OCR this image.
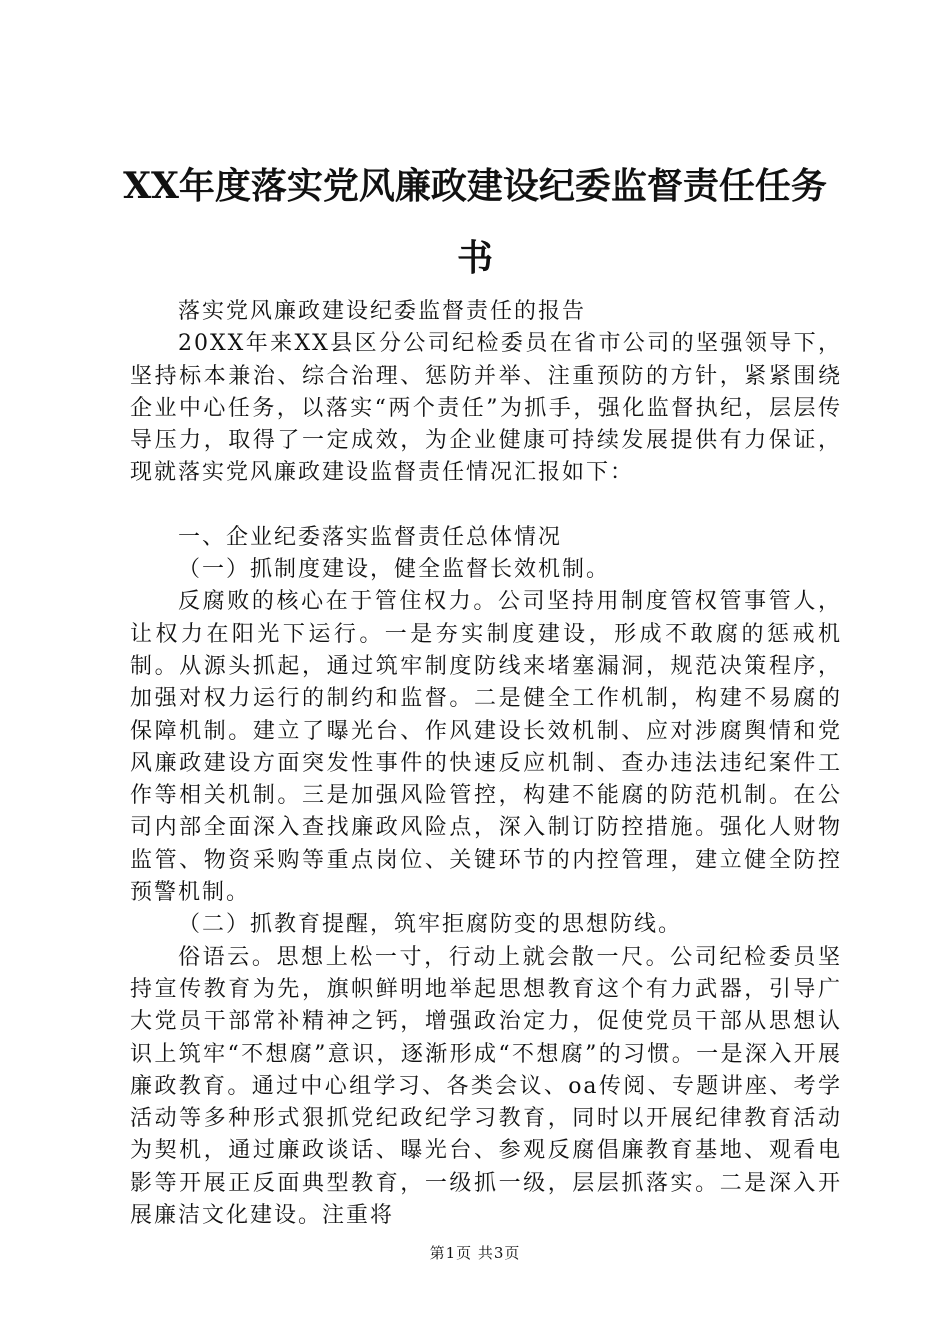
XX年度落实党风廉政建设纪委监督责任任务书

落实党风廉政建设纪委监督责任的报告

20XX年来XX县区分公司纪检委员在省市公司的坚强领导下，坚持标本兼治、综合治理、惩防并举、注重预防的方针，紧紧围绕企业中心任务，以落实“两个责任”为抓手，强化监督执纪，层层传导压力，取得了一定成效，为企业健康可持续发展提供有力保证，现就落实党风廉政建设监督责任情况汇报如下：

一、企业纪委落实监督责任总体情况

（一）抓制度建设，健全监督长效机制。

反腐败的核心在于管住权力。公司坚持用制度管权管事管人，让权力在阳光下运行。一是夯实制度建设，形成不敢腐的惩戒机制。从源头抓起，通过筑牢制度防线来堵塞漏洞，规范决策程序，加强对权力运行的制约和监督。二是健全工作机制，构建不易腐的保障机制。建立了曝光台、作风建设长效机制、应对涉腐舆情和党风廉政建设方面突发性事件的快速反应机制、查办违法违纪案件工作等相关机制。三是加强风险管控，构建不能腐的防范机制。在公司内部全面深入查找廉政风险点，深入制订防控措施。强化人财物监管、物资采购等重点岗位、关键环节的内控管理，建立健全防控预警机制。

（二）抓教育提醒，筑牢拒腐防变的思想防线。

俗语云。思想上松一寸，行动上就会散一尺。公司纪检委员坚持宣传教育为先，旗帜鲜明地举起思想教育这个有力武器，引导广大党员干部常补精神之钙，增强政治定力，促使党员干部从思想认识上筑牢“不想腐”意识，逐渐形成“不想腐”的习惯。一是深入开展廉政教育。通过中心组学习、各类会议、oa传阅、专题讲座、考学活动等多种形式狠抓党纪政纪学习教育，同时以开展纪律教育活动为契机，通过廉政谈话、曝光台、参观反腐倡廉教育基地、观看电影等开展正反面典型教育，一级抓一级，层层抓落实。二是深入开展廉洁文化建设。注重将

第1页 共3页
